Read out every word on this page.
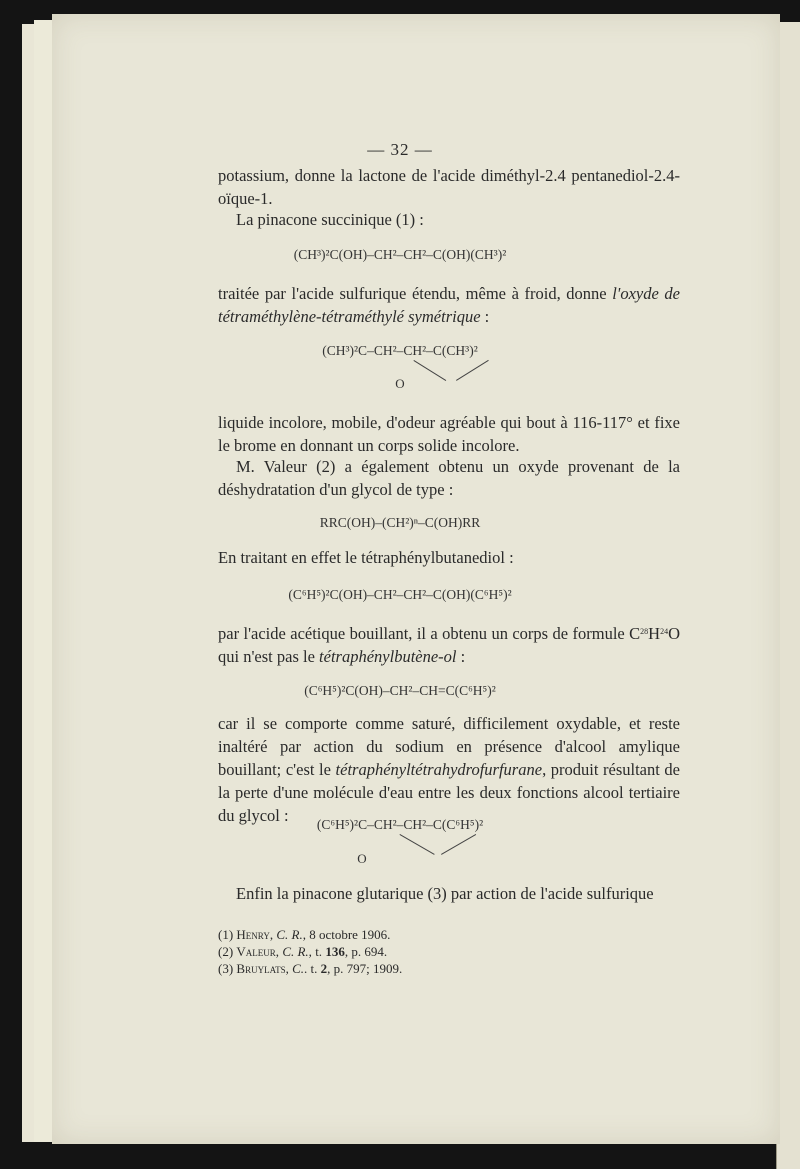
— 32 —
potassium, donne la lactone de l'acide diméthyl-2.4 pentanediol-2.4-oïque-1.
La pinacone succinique (1) :
(CH³)²C(OH)–CH²–CH²–C(OH)(CH³)²
traitée par l'acide sulfurique étendu, même à froid, donne l'oxyde de tétraméthylène-tétraméthylé symétrique :
(CH³)²C–CH²–CH²–C(CH³)²
O
liquide incolore, mobile, d'odeur agréable qui bout à 116-117° et fixe le brome en donnant un corps solide incolore.
M. Valeur (2) a également obtenu un oxyde provenant de la déshydratation d'un glycol de type :
RRC(OH)–(CH²)ⁿ–C(OH)RR
En traitant en effet le tétraphénylbutanediol :
(C⁶H⁵)²C(OH)–CH²–CH²–C(OH)(C⁶H⁵)²
par l'acide acétique bouillant, il a obtenu un corps de formule $C^{28}H^{24}O$ qui n'est pas le tétraphénylbutène-ol :
(C⁶H⁵)²C(OH)–CH²–CH=C(C⁶H⁵)²
car il se comporte comme saturé, difficilement oxydable, et reste inaltéré par action du sodium en présence d'alcool amylique bouillant; c'est le tétraphényltétrahydrofurfurane, produit résultant de la perte d'une molécule d'eau entre les deux fonctions alcool tertiaire du glycol :	(C⁶H⁵)²C–CH²–CH²–C(C⁶H⁵)²
O
Enfin la pinacone glutarique (3) par action de l'acide sulfurique
(1) Henry, C. R., 8 octobre 1906.
(2) Valeur, C. R., t. 136, p. 694.
(3) Bruylats, C.. t. 2, p. 797; 1909.
